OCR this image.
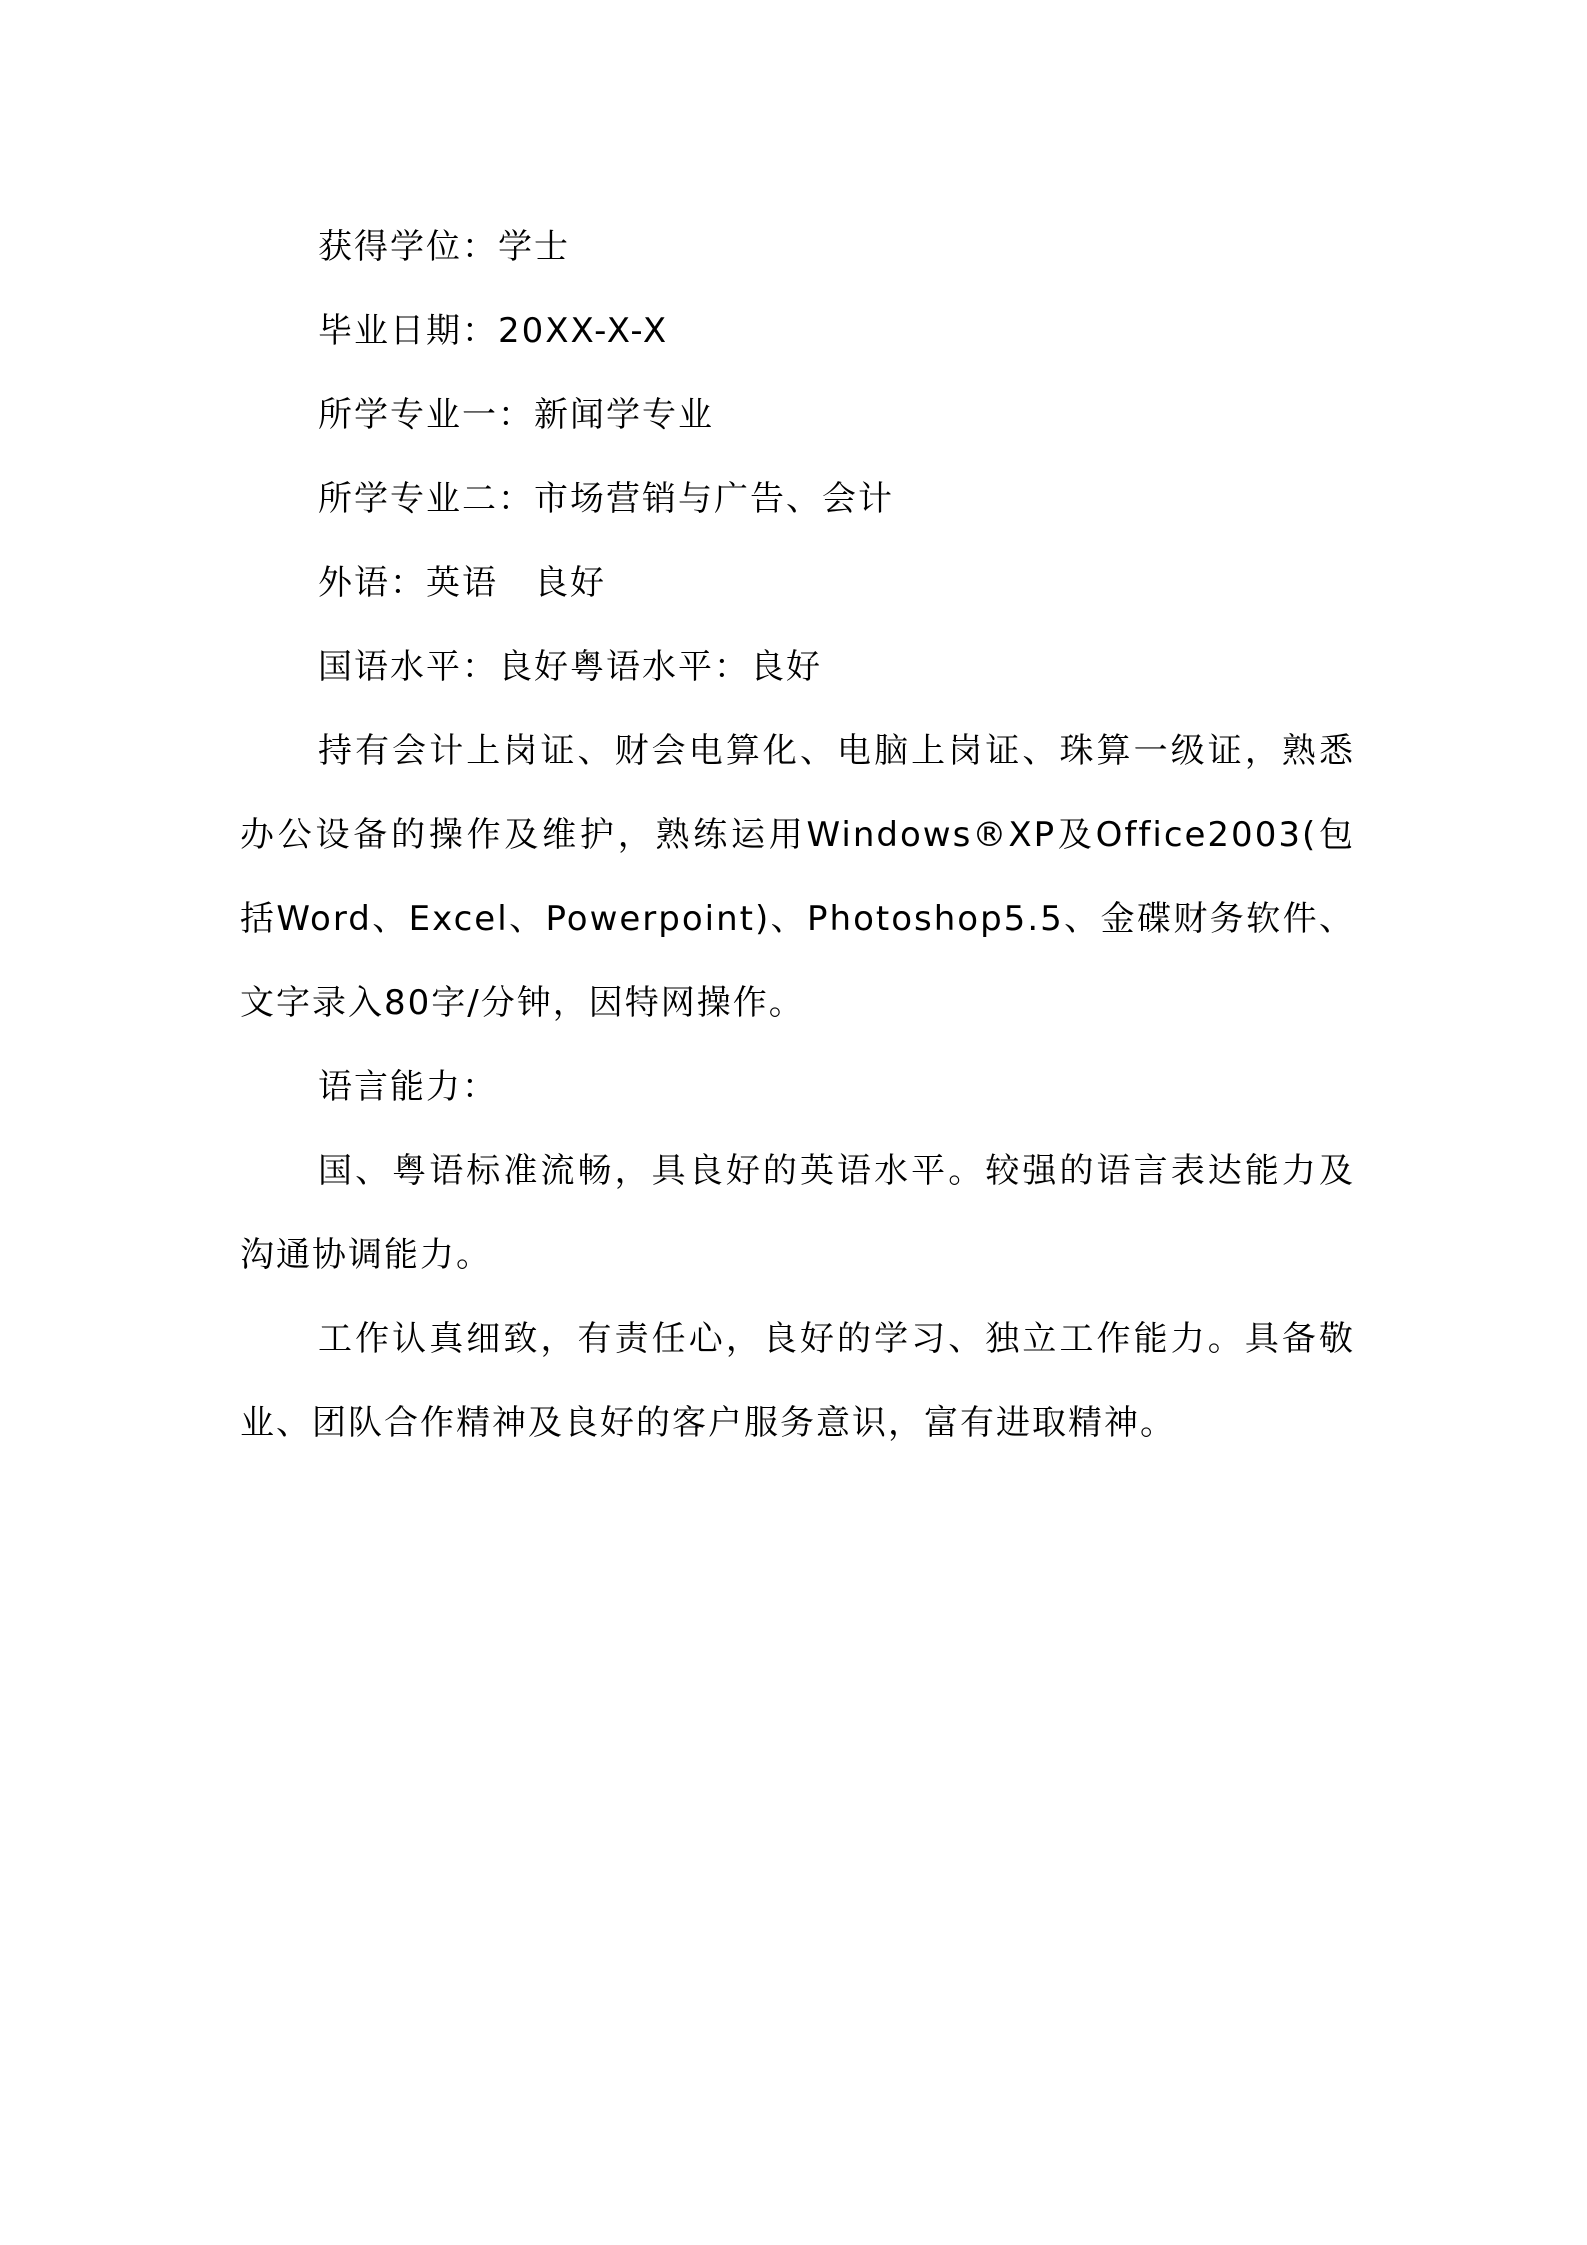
获得学位：学士

毕业日期：20XX-X-X

所学专业一：新闻学专业

所学专业二：市场营销与广告、会计

外语：英语　良好

国语水平：良好粤语水平：良好

持有会计上岗证、财会电算化、电脑上岗证、珠算一级证，熟悉办公设备的操作及维护，熟练运用Windows®XP及Office2003(包括Word、Excel、Powerpoint)、Photoshop5.5、金碟财务软件、文字录入80字/分钟，因特网操作。

语言能力：

国、粤语标准流畅，具良好的英语水平。较强的语言表达能力及沟通协调能力。

工作认真细致，有责任心，良好的学习、独立工作能力。具备敬业、团队合作精神及良好的客户服务意识，富有进取精神。
